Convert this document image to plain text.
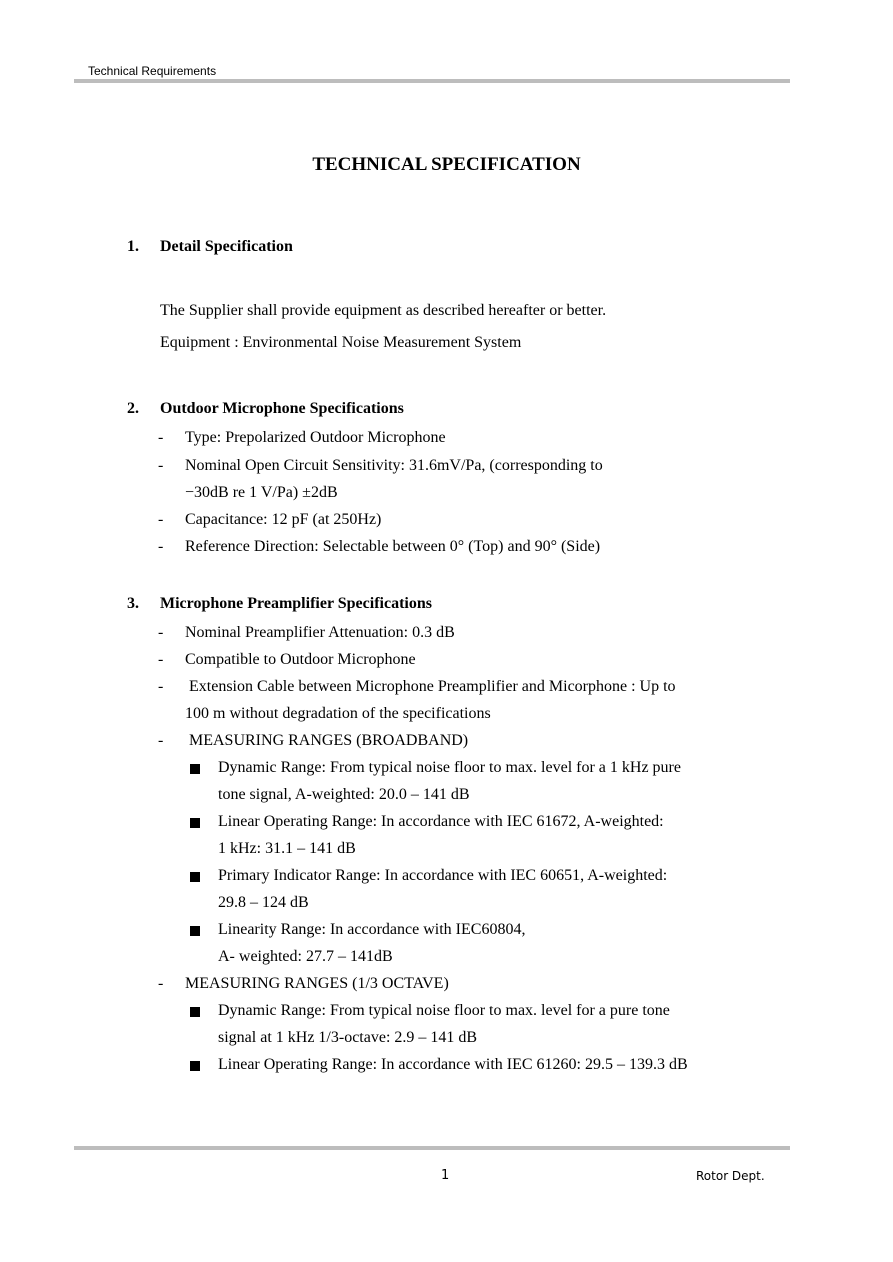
Technical Requirements
TECHNICAL SPECIFICATION
1. Detail Specification
The Supplier shall provide equipment as described hereafter or better.
Equipment : Environmental Noise Measurement System
2. Outdoor Microphone Specifications
- Type: Prepolarized Outdoor Microphone
- Nominal Open Circuit Sensitivity: 31.6mV/Pa, (corresponding to
−30dB re 1 V/Pa) ±2dB
- Capacitance: 12 pF (at 250Hz)
- Reference Direction: Selectable between 0° (Top) and 90° (Side)
3. Microphone Preamplifier Specifications
- Nominal Preamplifier Attenuation: 0.3 dB
- Compatible to Outdoor Microphone
- Extension Cable between Microphone Preamplifier and Micorphone : Up to
100 m without degradation of the specifications
- MEASURING RANGES (BROADBAND)
Dynamic Range: From typical noise floor to max. level for a 1 kHz pure
tone signal, A-weighted: 20.0 – 141 dB
Linear Operating Range: In accordance with IEC 61672, A-weighted:
1 kHz: 31.1 – 141 dB
Primary Indicator Range: In accordance with IEC 60651, A-weighted:
29.8 – 124 dB
Linearity Range: In accordance with IEC60804,
A- weighted: 27.7 – 141dB
- MEASURING RANGES (1/3 OCTAVE)
Dynamic Range: From typical noise floor to max. level for a pure tone
signal at 1 kHz 1/3-octave: 2.9 – 141 dB
Linear Operating Range: In accordance with IEC 61260: 29.5 – 139.3 dB
1	Rotor Dept.
